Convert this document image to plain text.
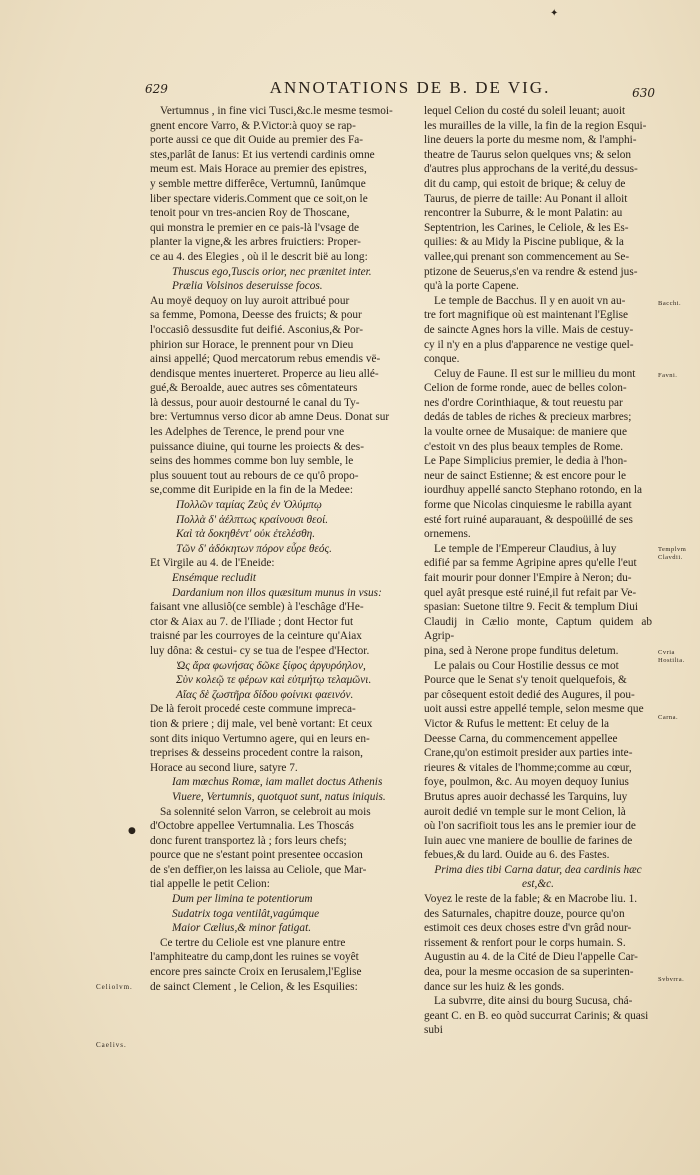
✦
629	ANNOTATIONS DE B. DE VIG.	630

Vertumnus , in fine vici Tusci,&c.le mesme tesmoi-
gnent encore Varro, & P.Victor:à quoy se rap-
porte aussi ce que dit Ouide au premier des Fa-
stes,parlât de Ianus: Et ius vertendi cardinis omne
meum est. Mais Horace au premier des epistres,
y semble mettre differêce, Vertumnû, Ianûmque
liber spectare videris.Comment que ce soit,on le
tenoit pour vn tres-ancien Roy de Thoscane,
qui monstra le premier en ce pais-là l'vsage de
planter la vigne,& les arbres fruictiers: Proper-
ce au 4. des Elegies , où il le descrit bië au long:

Thuscus ego,Tuscis orior, nec prænitet inter.
Prælia Volsinos deseruisse focos.

Au moyë dequoy on luy auroit attribué pour
sa femme, Pomona, Deesse des fruicts; & pour
l'occasiô dessusdite fut deifié. Asconius,& Por-
phirion sur Horace, le prennent pour vn Dieu
ainsi appellé; Quod mercatorum rebus emendis vë-
dendisque mentes inuerteret. Properce au lieu allé-
gué,& Beroalde, auec autres ses cômentateurs
là dessus, pour auoir destourné le canal du Ty-
bre: Vertumnus verso dicor ab amne Deus. Donat sur
les Adelphes de Terence, le prend pour vne
puissance diuine, qui tourne les proiects & des-
seins des hommes comme bon luy semble, le
plus souuent tout au rebours de ce qu'ô propo-
se,comme dit Euripide en la fin de la Medee:

Πολλῶν ταμίας Ζεὺς ἐν Ὀλύμπῳ
Πολλὰ δ' ἀέλπτως κραίνουσι θεοί.
Καὶ τὰ δοκηθέντ' οὐκ ἐτελέσθη.
Τῶν δ' ἀδόκητων πόρον εὗρε θεός.

Et Virgile au 4. de l'Eneide:

Ensémque recludit
Dardanium non illos quæsitum munus in vsus:

faisant vne allusiô(ce semble) à l'eschâge d'He-
ctor & Aiax au 7. de l'Iliade ; dont Hector fut
traisné par les courroyes de la ceinture qu'Aiax
luy dôna: & cestui- cy se tua de l'espee d'Hector.

Ὡς ἄρα φωνήσας δῶκε ξίφος ἀργυρόηλον,
Σὺν κολεῷ τε φέρων καὶ εὐτμήτῳ τελαμῶνι.
Αἴας δὲ ζωστῆρα δίδου φοίνικι φαεινόν.

De là feroit procedé ceste commune impreca-
tion & priere ; dij male, vel benè vortant: Et ceux
sont dits iniquo Vertumno agere, qui en leurs en-
treprises & desseins procedent contre la raison,
Horace au second liure, satyre 7.

Iam mœchus Romæ, iam mallet doctus Athenis
Viuere, Vertumnis, quotquot sunt, natus iniquis.

Sa solennité selon Varron, se celebroit au mois
d'Octobre appellee Vertumnalia. Les Thoscás
donc furent transportez là ; fors leurs chefs;
pource que ne s'estant point presentee occasion
de s'en deffier,on les laissa au Celiole, que Mar-
tial appelle le petit Celion:

Dum per limina te potentiorum
Sudatrix toga ventilât,vagúmque
Maior Cælius,& minor fatigat.

Ce tertre du Celiole est vne planure entre
l'amphiteatre du camp,dont les ruines se voyêt
encore pres saincte Croix en Ierusalem,l'Eglise
de sainct Clement , le Celion, & les Esquilies:

lequel Celion du costé du soleil leuant; auoit
les murailles de la ville, la fin de la region Esqui-
line deuers la porte du mesme nom, & l'amphi-
theatre de Taurus selon quelques vns; & selon
d'autres plus approchans de la verité,du dessus-
dit du camp, qui estoit de brique; & celuy de
Taurus, de pierre de taille: Au Ponant il alloit
rencontrer la Suburre, & le mont Palatin: au
Septentrion, les Carines, le Celiole, & les Es-
quilies: & au Midy la Piscine publique, & la
vallee,qui prenant son commencement au Se-
ptizone de Seuerus,s'en va rendre & estend jus-
qu'à la porte Capene.

Le temple de Bacchus. Il y en auoit vn au-
tre fort magnifique où est maintenant l'Eglise
de saincte Agnes hors la ville. Mais de cestuy-
cy il n'y en a plus d'apparence ne vestige quel-
conque.

Celuy de Faune. Il est sur le millieu du mont
Celion de forme ronde, auec de belles colon-
nes d'ordre Corinthiaque, & tout reuestu par
dedás de tables de riches & precieux marbres;
la voulte ornee de Musaique: de maniere que
c'estoit vn des plus beaux temples de Rome.
Le Pape Simplicius premier, le dedia à l'hon-
neur de sainct Estienne; & est encore pour le
iourdhuy appellé sancto Stephano rotondo, en la
forme que Nicolas cinquiesme le rabilla ayant
esté fort ruiné auparauant, & despoüillé de ses
ornemens.

Le temple de l'Empereur Claudius, à luy
edifié par sa femme Agripine apres qu'elle l'eut
fait mourir pour donner l'Empire à Neron; du-
quel ayât presque esté ruiné,il fut refait par Ve-
spasian: Suetone tiltre 9. Fecit & templum Diui
Claudij in Cælio monte, Captum quidem ab Agrip-
pina, sed à Nerone prope funditus deletum.

Le palais ou Cour Hostilie dessus ce mot
Pource que le Senat s'y tenoit quelquefois, &
par côsequent estoit dedié des Augures, il pou-
uoit aussi estre appellé temple, selon mesme que
Victor & Rufus le mettent: Et celuy de la
Deesse Carna, du commencement appellee
Crane,qu'on estimoit presider aux parties inte-
rieures & vitales de l'homme;comme au cœur,
foye, poulmon, &c. Au moyen dequoy Iunius
Brutus apres auoir dechassé les Tarquins, luy
auroit dedié vn temple sur le mont Celion, là
où l'on sacrifioit tous les ans le premier iour de
Iuin auec vne maniere de boullie de farines de
febues,& du lard. Ouide au 6. des Fastes.

Prima dies tibi Carna datur, dea cardinis hæc est,&c.

Voyez le reste de la fable; & en Macrobe liu. 1.
des Saturnales, chapitre douze, pource qu'on
estimoit ces deux choses estre d'vn grâd nour-
rissement & renfort pour le corps humain. S.
Augustin au 4. de la Cité de Dieu l'appelle Car-
dea, pour la mesme occasion de sa superinten-
dance sur les huiz & les gonds.

La subvrre, dite ainsi du bourg Sucusa, chá-
geant C. en B. eo quòd succurrat Carinis; & quasi
subi

Celiolvm.
Caelivs.
Bacchi.
Favni.
Templvm Clavdii.
Cvria Hostilia.
Carna.
Svbvrra.
●
